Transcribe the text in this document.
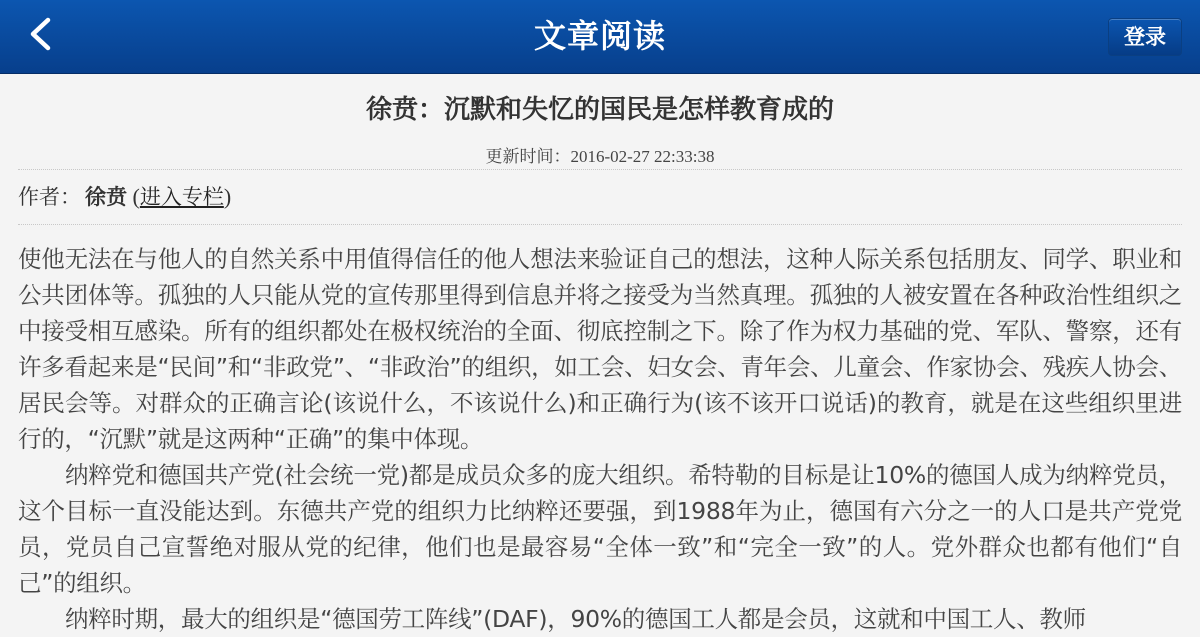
文章阅读	登录
徐贲：沉默和失忆的国民是怎样教育成的
更新时间：2016-02-27 22:33:38
作者： 徐贲 (进入专栏)

使他无法在与他人的自然关系中用值得信任的他人想法来验证自己的想法，这种人际关系包括朋友、同学、职业和公共团体等。孤独的人只能从党的宣传那里得到信息并将之接受为当然真理。孤独的人被安置在各种政治性组织之中接受相互感染。所有的组织都处在极权统治的全面、彻底控制之下。除了作为权力基础的党、军队、警察，还有许多看起来是“民间”和“非政党”、“非政治”的组织，如工会、妇女会、青年会、儿童会、作家协会、残疾人协会、居民会等。对群众的正确言论(该说什么，不该说什么)和正确行为(该不该开口说话)的教育，就是在这些组织里进行的，“沉默”就是这两种“正确”的集中体现。

纳粹党和德国共产党(社会统一党)都是成员众多的庞大组织。希特勒的目标是让10%的德国人成为纳粹党员，这个目标一直没能达到。东德共产党的组织力比纳粹还要强，到1988年为止，德国有六分之一的人口是共产党党员，党员自己宣誓绝对服从党的纪律，他们也是最容易“全体一致”和“完全一致”的人。党外群众也都有他们“自己”的组织。

纳粹时期，最大的组织是“德国劳工阵线”(DAF)，90%的德国工人都是会员，这就和中国工人、教师
